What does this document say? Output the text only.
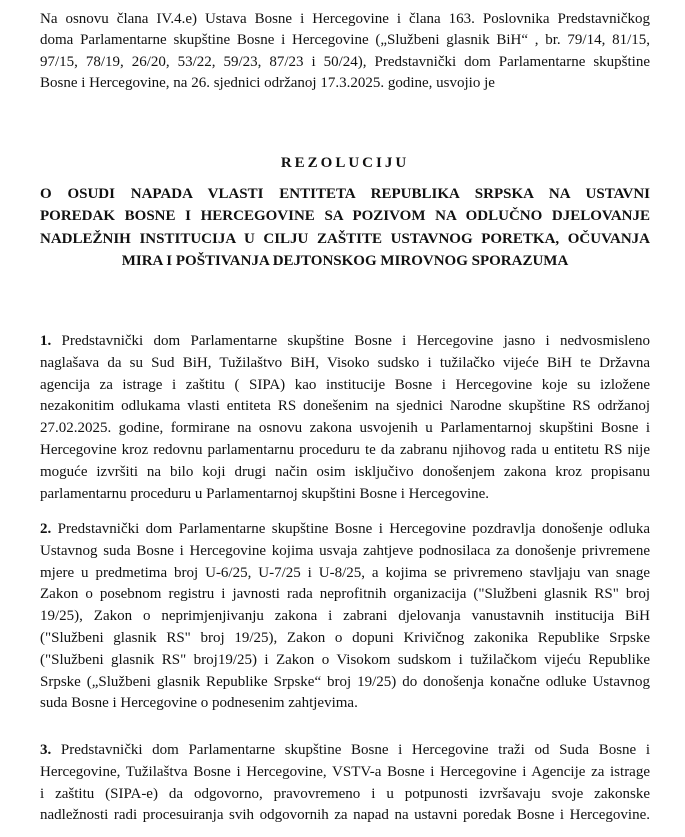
Na osnovu člana IV.4.e) Ustava Bosne i Hercegovine i člana 163. Poslovnika Predstavničkog
doma Parlamentarne skupštine Bosne i Hercegovine („Službeni glasnik BiH“ , br. 79/14, 81/15,
97/15, 78/19, 26/20, 53/22, 59/23, 87/23 i 50/24), Predstavnički dom Parlamentarne skupštine
Bosne i Hercegovine, na 26. sjednici održanoj 17.3.2025. godine, usvojio je
REZOLUCIJU
O OSUDI NAPADA VLASTI ENTITETA REPUBLIKA SRPSKA NA USTAVNI
POREDAK BOSNE I HERCEGOVINE SA POZIVOM NA ODLUČNO DJELOVANJE
NADLEŽNIH INSTITUCIJA U CILJU ZAŠTITE USTAVNOG PORETKA, OČUVANJA
MIRA I POŠTIVANJA DEJTONSKOG MIROVNOG SPORAZUMA
1. Predstavnički dom Parlamentarne skupštine Bosne i Hercegovine jasno i nedvosmisleno
naglašava da su Sud BiH, Tužilaštvo BiH, Visoko sudsko i tužilačko vijeće BiH te Državna
agencija za istrage i zaštitu ( SIPA) kao institucije Bosne i Hercegovine koje su izložene
nezakonitim odlukama vlasti entiteta RS donešenim na sjednici Narodne skupštine RS održanoj
27.02.2025. godine, formirane na osnovu zakona usvojenih u Parlamentarnoj skupštini Bosne i
Hercegovine kroz redovnu parlamentarnu proceduru te da zabranu njihovog rada u entitetu RS nije
moguće izvršiti na bilo koji drugi način osim isključivo donošenjem zakona kroz propisanu
parlamentarnu proceduru u Parlamentarnoj skupštini Bosne i Hercegovine.
2. Predstavnički dom Parlamentarne skupštine Bosne i Hercegovine pozdravlja donošenje odluka
Ustavnog suda Bosne i Hercegovine kojima usvaja zahtjeve podnosilaca za donošenje privremene
mjere u predmetima broj U-6/25, U-7/25 i U-8/25, a kojima se privremeno stavljaju van snage
Zakon o posebnom registru i javnosti rada neprofitnih organizacija ("Službeni glasnik RS" broj
19/25), Zakon o neprimjenjivanju zakona i zabrani djelovanja vanustavnih institucija BiH
("Službeni glasnik RS" broj 19/25), Zakon o dopuni Krivičnog zakonika Republike Srpske
("Službeni glasnik RS" broj19/25) i Zakon o Visokom sudskom i tužilačkom vijeću Republike
Srpske („Službeni glasnik Republike Srpske“ broj 19/25) do donošenja konačne odluke Ustavnog
suda Bosne i Hercegovine o podnesenim zahtjevima.
3. Predstavnički dom Parlamentarne skupštine Bosne i Hercegovine traži od Suda Bosne i
Hercegovine, Tužilaštva Bosne i Hercegovine, VSTV-a Bosne i Hercegovine i Agencije za istrage
i zaštitu (SIPA-e) da odgovorno, pravovremeno i u potpunosti izvršavaju svoje zakonske
nadležnosti radi procesuiranja svih odgovornih za napad na ustavni poredak Bosne i Hercegovine.
